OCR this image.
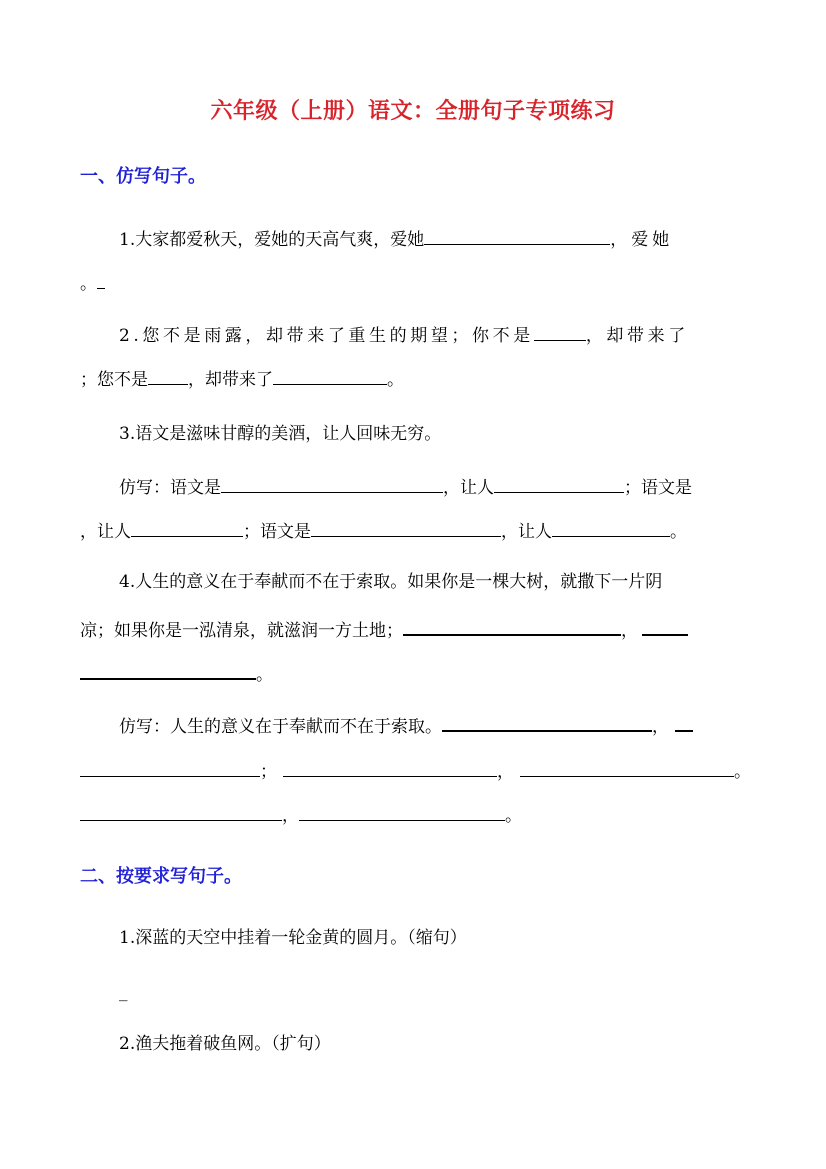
六年级（上册）语文：全册句子专项练习
一、仿写句子。
1.大家都爱秋天，爱她的天高气爽，爱她	，爱她
。
2.您不是雨露，却带来了重生的期望；你不是	，却带来了
；您不是 ，却带来了	。
3.语文是滋味甘醇的美酒，让人回味无穷。
仿写：语文是	，让人	；语文是
，让人	；语文是	，让人	。
4.人生的意义在于奉献而不在于索取。如果你是一棵大树，就撒下一片阴
凉；如果你是一泓清泉，就滋润一方土地；	，
。
仿写：人生的意义在于奉献而不在于索取。	，
；	，	。
，	。
二、按要求写句子。
1.深蓝的天空中挂着一轮金黄的圆月。（缩句）
_
2.渔夫拖着破鱼网。（扩句）
